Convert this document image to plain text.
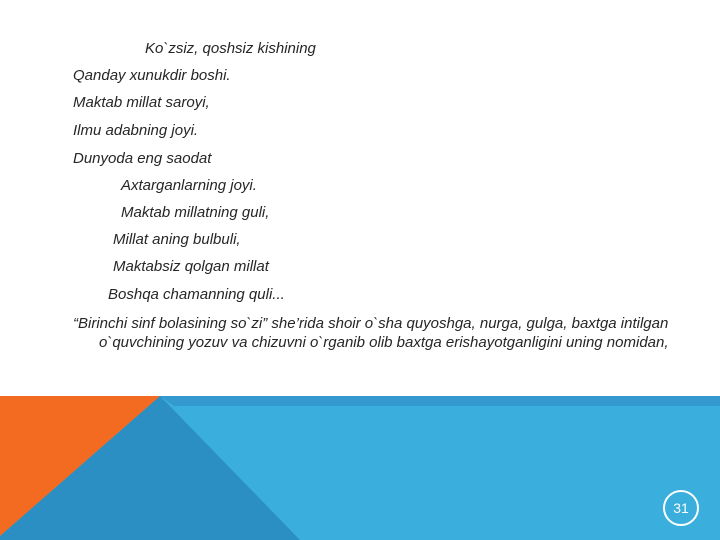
Ko`zsiz, qoshsiz kishining

Qanday xunukdir boshi.

Maktab millat saroyi,

Ilmu adabning joyi.

Dunyoda eng saodat

Axtarganlarning joyi.

Maktab millatning guli,

Millat aning bulbuli,

Maktabsiz qolgan millat

Boshqa chamanning quli...

“Birinchi sinf bolasining so`zi” she’rida shoir o`sha quyoshga, nurga, gulga, baxtga intilgan o`quvchining yozuv va chizuvni o`rganib olib baxtga erishayotganligini uning nomidan,

31
